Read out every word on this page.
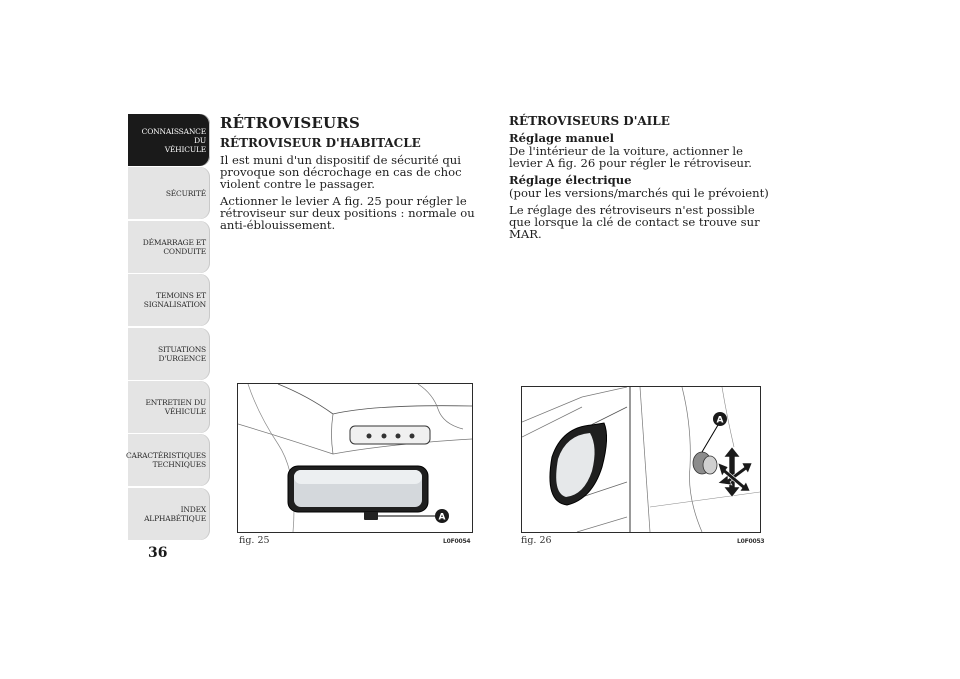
CONNAISSANCE DU
VÉHICULE
SÉCURITÉ
DÉMARRAGE ET
CONDUITE
TEMOINS ET
SIGNALISATION
SITUATIONS
D'URGENCE
ENTRETIEN DU
VÉHICULE
CARACTÉRISTIQUES
TECHNIQUES
INDEX
ALPHABÉTIQUE
36
RÉTROVISEURS
RÉTROVISEUR D'HABITACLE

Il est muni d'un dispositif de sécurité qui provoque son décrochage en cas de choc violent contre le passager.

Actionner le levier A fig. 25 pour régler le rétroviseur sur deux positions : normale ou anti-éblouissement.

RÉTROVISEURS D'AILE
Réglage manuel

De l'intérieur de la voiture, actionner le levier A fig. 26 pour régler le rétroviseur.

Réglage électrique

(pour les versions/marchés qui le prévoient)

Le réglage des rétroviseurs n'est possible que lorsque la clé de contact se trouve sur MAR.

A
fig. 25	L0F0054
A
fig. 26	L0F0053
